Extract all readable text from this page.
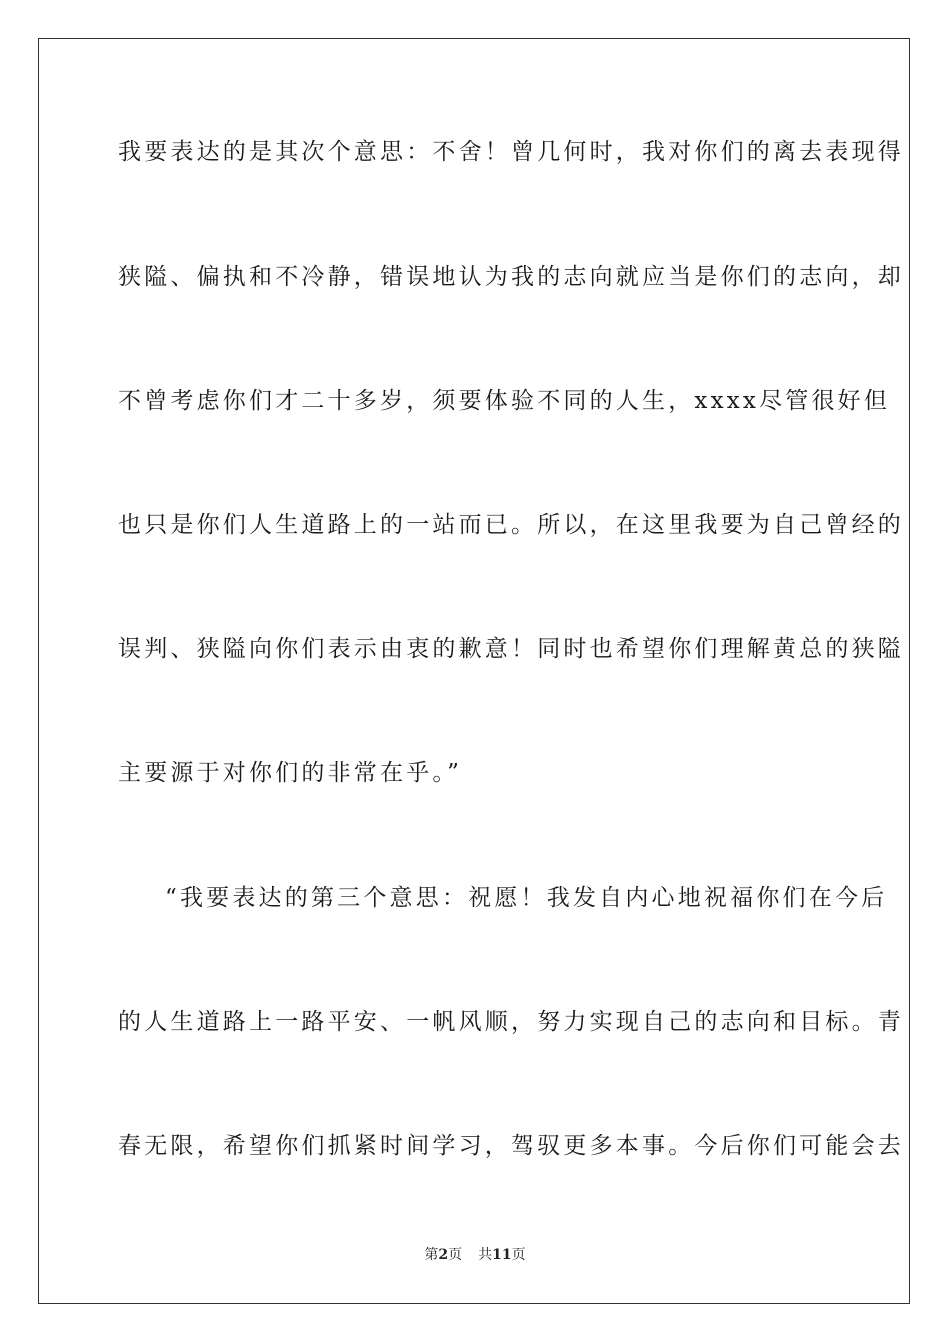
我要表达的是其次个意思：不舍！曾几何时，我对你们的离去表现得
狭隘、偏执和不冷静，错误地认为我的志向就应当是你们的志向，却
不曾考虑你们才二十多岁，须要体验不同的人生，xxxx尽管很好但
也只是你们人生道路上的一站而已。所以，在这里我要为自己曾经的
误判、狭隘向你们表示由衷的歉意！同时也希望你们理解黄总的狭隘
主要源于对你们的非常在乎。”
“我要表达的第三个意思：祝愿！我发自内心地祝福你们在今后
的人生道路上一路平安、一帆风顺，努力实现自己的志向和目标。青
春无限，希望你们抓紧时间学习，驾驭更多本事。今后你们可能会去
第2页 共11页
